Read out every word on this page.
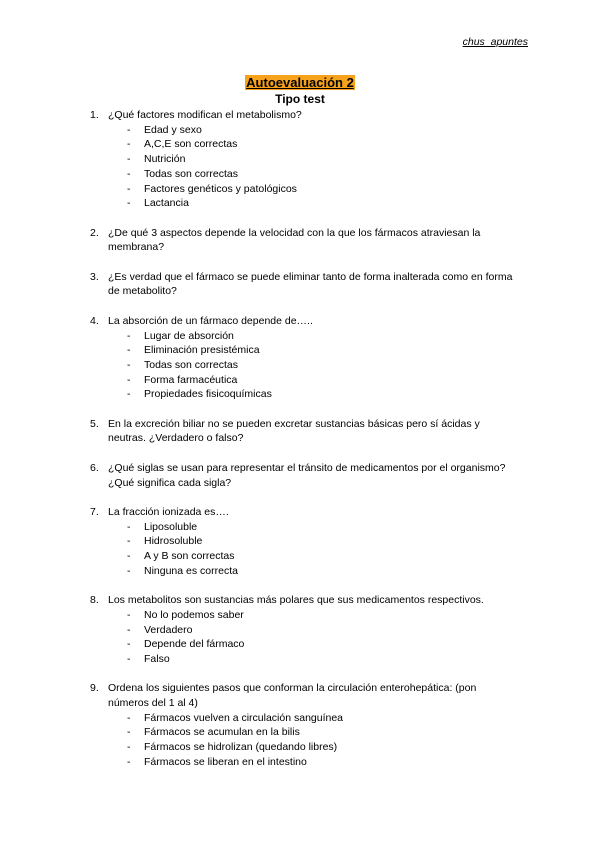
chus_apuntes
Autoevaluación 2
Tipo test
1. ¿Qué factores modifican el metabolismo?
- Edad y sexo
- A,C,E son correctas
- Nutrición
- Todas son correctas
- Factores genéticos y patológicos
- Lactancia
2. ¿De qué 3 aspectos depende la velocidad con la que los fármacos atraviesan la membrana?
3. ¿Es verdad que el fármaco se puede eliminar tanto de forma inalterada como en forma de metabolito?
4. La absorción de un fármaco depende de…..
- Lugar de absorción
- Eliminación presistémica
- Todas son correctas
- Forma farmacéutica
- Propiedades fisicoquímicas
5. En la excreción biliar no se pueden excretar sustancias básicas pero sí ácidas y neutras. ¿Verdadero o falso?
6. ¿Qué siglas se usan para representar el tránsito de medicamentos por el organismo? ¿Qué significa cada sigla?
7. La fracción ionizada es….
- Liposoluble
- Hidrosoluble
- A y B son correctas
- Ninguna es correcta
8. Los metabolitos son sustancias más polares que sus medicamentos respectivos.
- No lo podemos saber
- Verdadero
- Depende del fármaco
- Falso
9. Ordena los siguientes pasos que conforman la circulación enterohepática: (pon números del 1 al 4)
- Fármacos vuelven a circulación sanguínea
- Fármacos se acumulan en la bilis
- Fármacos se hidrolizan (quedando libres)
- Fármacos se liberan en el intestino
